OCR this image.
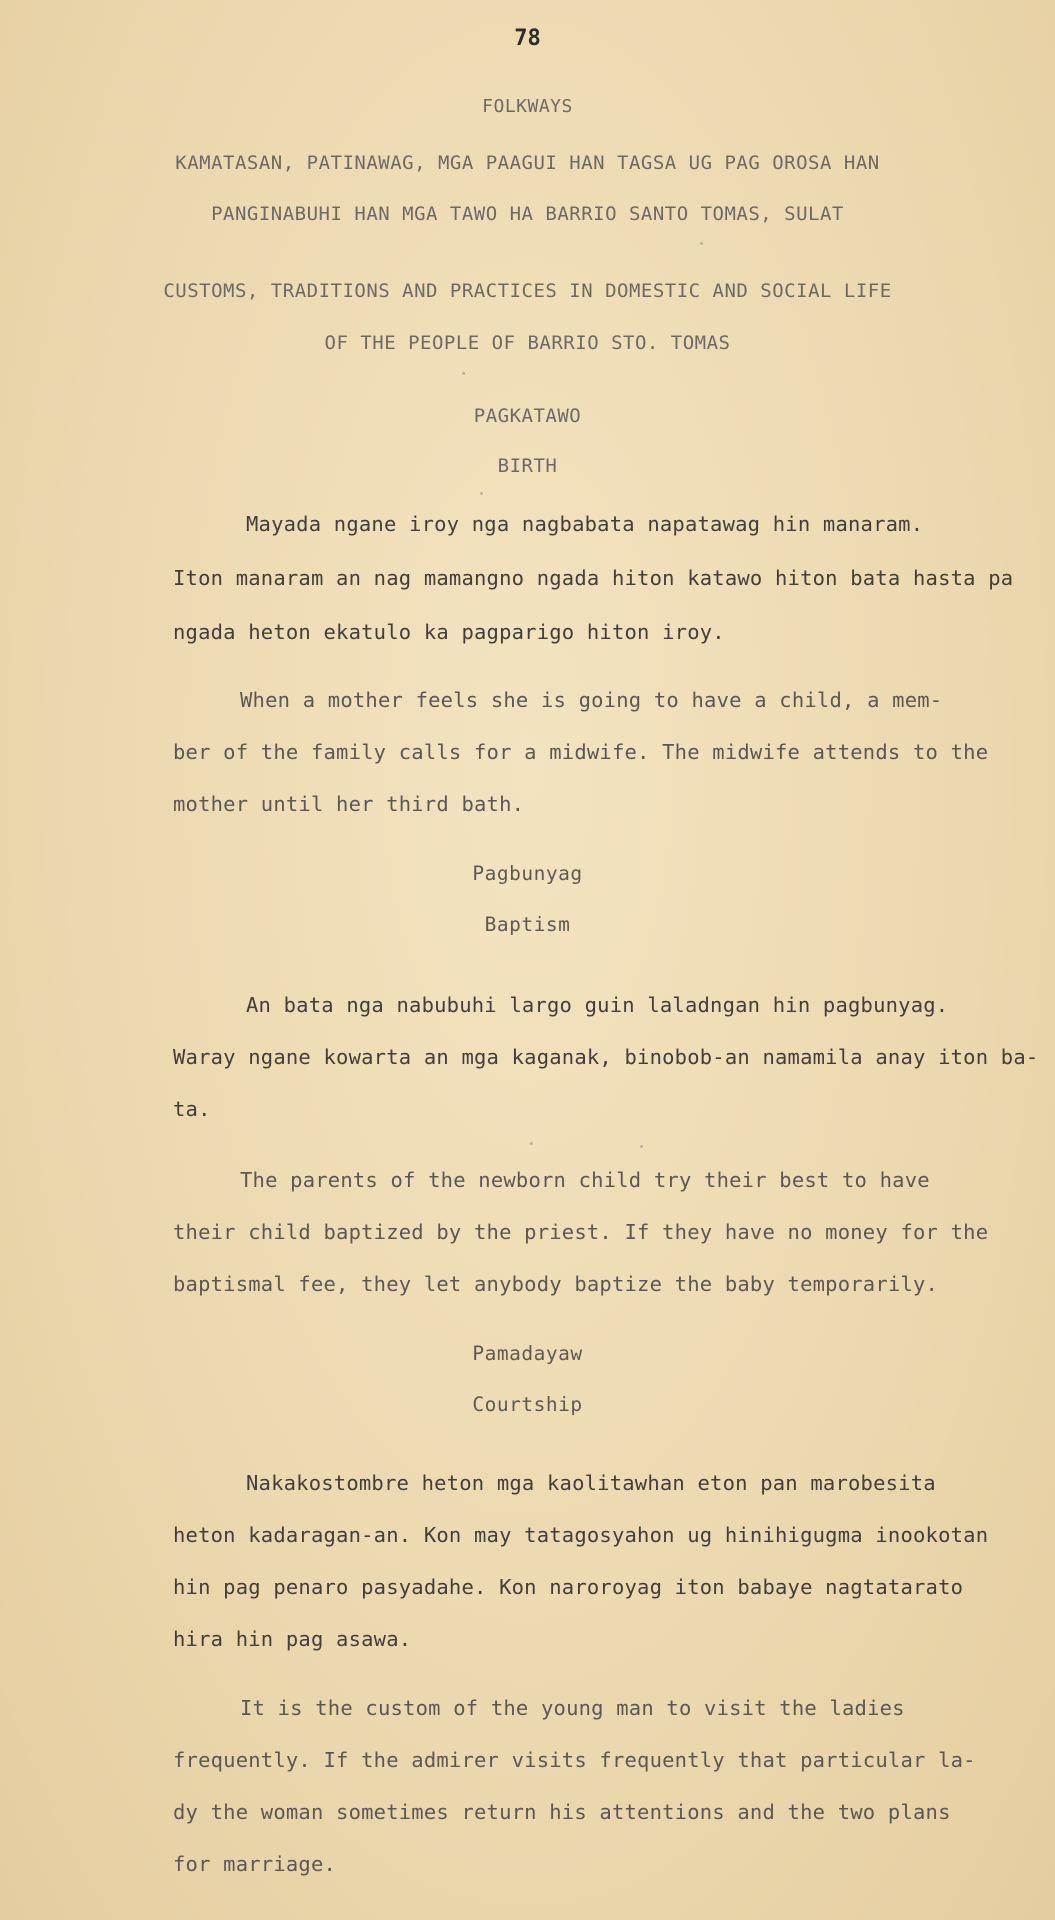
78
FOLKWAYS
KAMATASAN, PATINAWAG, MGA PAAGUI HAN TAGSA UG PAG OROSA HAN
PANGINABUHI HAN MGA TAWO HA BARRIO SANTO TOMAS, SULAT
CUSTOMS, TRADITIONS AND PRACTICES IN DOMESTIC AND SOCIAL LIFE
OF THE PEOPLE OF BARRIO STO. TOMAS
PAGKATAWO
BIRTH
Mayada ngane iroy nga nagbabata napatawag hin manaram.
Iton manaram an nag mamangno ngada hiton katawo hiton bata hasta pa
ngada heton ekatulo ka pagparigo hiton iroy.
When a mother feels she is going to have a child, a mem-
ber of the family calls for a midwife. The midwife attends to the
mother until her third bath.
Pagbunyag
Baptism
An bata nga nabubuhi largo guin laladngan hin pagbunyag.
Waray ngane kowarta an mga kaganak, binobob-an namamila anay iton ba-
ta.
The parents of the newborn child try their best to have
their child baptized by the priest. If they have no money for the
baptismal fee, they let anybody baptize the baby temporarily.
Pamadayaw
Courtship
Nakakostombre heton mga kaolitawhan eton pan marobesita
heton kadaragan-an. Kon may tatagosyahon ug hinihigugma inookotan
hin pag penaro pasyadahe. Kon naroroyag iton babaye nagtatarato
hira hin pag asawa.
It is the custom of the young man to visit the ladies
frequently. If the admirer visits frequently that particular la-
dy the woman sometimes return his attentions and the two plans
for marriage.
